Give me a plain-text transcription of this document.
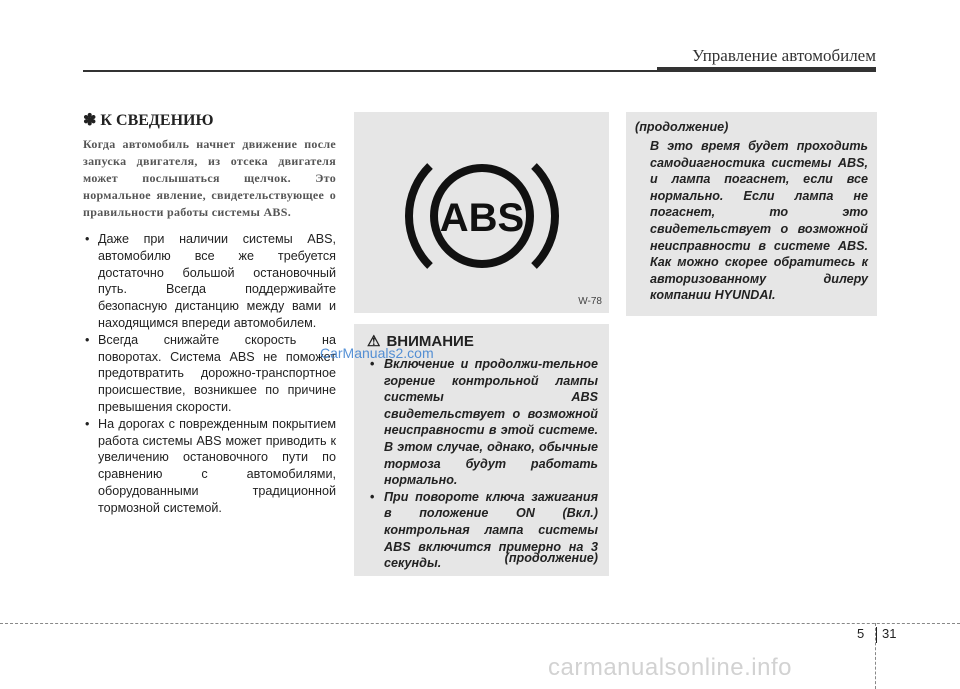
Управление автомобилем
✽ К СВЕДЕНИЮ

Когда автомобиль начнет движение после запуска двигателя, из отсека двигателя может послышаться щелчок. Это нормальное явление, свидетельствующее о правильности работы системы ABS.

• Даже при наличии системы ABS, автомобилю все же требуется достаточно большой остановочный путь. Всегда поддерживайте безопасную дистанцию между вами и находящимся впереди автомобилем.
• Всегда снижайте скорость на поворотах. Система ABS не поможет предотвратить дорожно-транспортное происшествие, возникшее по причине превышения скорости.
• На дорогах с поврежденным покрытием работа системы ABS может приводить к увеличению остановочного пути по сравнению с автомобилями, оборудованными традиционной тормозной системой.
ABS
W-78
⚠ ВНИМАНИЕ
• Включение и продолжи-тельное горение контрольной лампы системы ABS свидетельствует о возможной неисправности в этой системе. В этом случае, однако, обычные тормоза будут работать нормально.
• При повороте ключа зажигания в положение ON (Вкл.) контрольная лампа системы ABS включится примерно на 3 секунды.	(продолжение)
(продолжение)

В это время будет проходить самодиагностика системы ABS, и лампа погаснет, если все нормально. Если лампа не погаснет, то это свидетельствует о возможной неисправности в системе ABS. Как можно скорее обратитесь к авторизованному дилеру компании HYUNDAI.

CarManuals2.com
5 31
carmanualsonline.info
